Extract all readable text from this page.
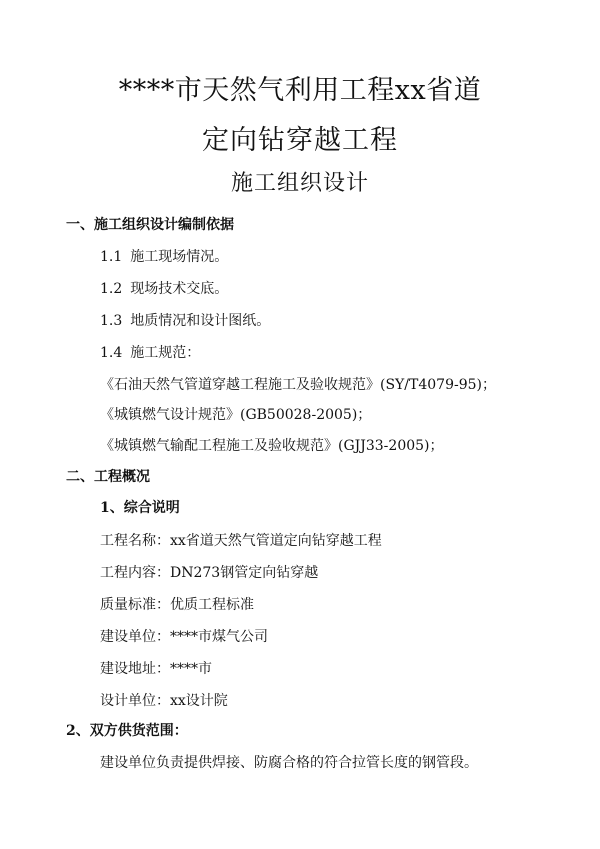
****市天然气利用工程xx省道
定向钻穿越工程
施工组织设计
一、施工组织设计编制依据
1.1 施工现场情况。
1.2 现场技术交底。
1.3 地质情况和设计图纸。
1.4 施工规范：
《石油天然气管道穿越工程施工及验收规范》(SY/T4079-95)；
《城镇燃气设计规范》(GB50028-2005)；
《城镇燃气输配工程施工及验收规范》(GJJ33-2005)；
二、工程概况
1、综合说明
工程名称：xx省道天然气管道定向钻穿越工程
工程内容：DN273钢管定向钻穿越
质量标准：优质工程标准
建设单位：****市煤气公司
建设地址：****市
设计单位：xx设计院
2、双方供货范围：
建设单位负责提供焊接、防腐合格的符合拉管长度的钢管段。
